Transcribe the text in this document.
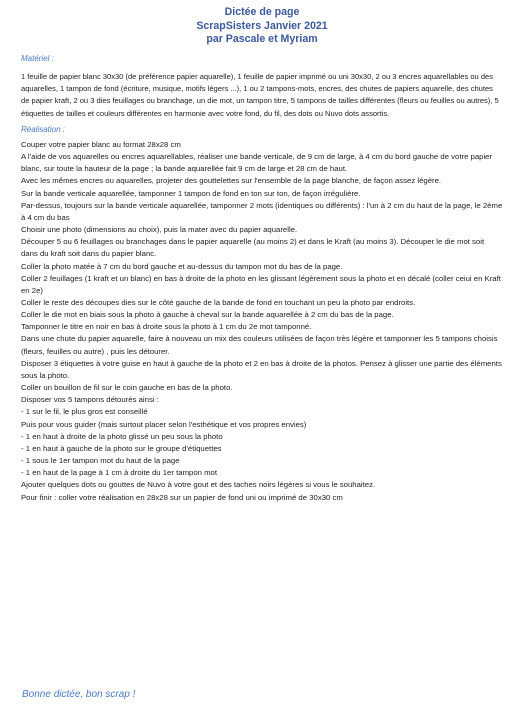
Dictée de page
ScrapSisters Janvier 2021
par Pascale et Myriam
Matériel :
1 feuille de papier blanc 30x30 (de préférence papier aquarelle), 1 feuille de papier imprimé ou uni 30x30, 2 ou 3 encres aquarellables ou des aquarelles, 1 tampon de fond (écriture, musique, motifs légers ...), 1 ou 2 tampons-mots, encres, des chutes de papiers aquarelle, des chutes de papier kraft, 2 ou 3 dies feuillages ou branchage, un die mot, un tampon titre, 5 tampons de tailles différentes (fleurs ou feuilles ou autres), 5 étiquettes de tailles et couleurs différentes en harmonie avec votre fond, du fil, des dots ou Nuvo dots assortis.
Réalisation :
Couper votre papier blanc au format 28x28 cm
A l'aide de vos aquarelles ou encres aquarellables, réaliser une bande verticale, de 9 cm de large, à 4 cm du bord gauche de votre papier blanc, sur toute la hauteur de la page ; la bande aquarellée fait 9 cm de large et 28 cm de haut.
Avec les mêmes encres ou aquarelles, projeter des gouttelettes sur l'ensemble de la page blanche, de façon assez légère.
Sur la bande verticale aquarellée, tamponner 1 tampon de fond en ton sur ton, de façon irrégulière.
Par-dessus, toujours sur la bande verticale aquarellée, tamponner 2 mots (identiques ou différents) : l'un à 2 cm du haut de la page, le 2ème à 4 cm du bas
Choisir une photo (dimensions au choix), puis la mater avec du papier aquarelle.
Découper 5 ou 6 feuillages ou branchages dans le papier aquarelle (au moins 2) et dans le Kraft (au moins 3). Découper le die mot soit dans du kraft soit dans du papier blanc.
Coller la photo matée à 7 cm du bord gauche et au-dessus du tampon mot du bas de la page.
Coller 2 feuillages (1 kraft et un blanc) en bas à droite de la photo en les glissant légèrement sous la photo et en décalé (coller ceiui en Kraft en 2e)
Coller le reste des découpes dies sur le côté gauche de la bande de fond en touchant un peu la photo par endroits.
Coller le die mot en biais sous la photo à gauche à cheval sur la bande aquarellée à 2 cm du bas de la page.
Tamponner le titre en noir en bas à droite sous la photo à 1 cm du 2e mot tamponné.
Dans une chute du papier aquarelle, faire à nouveau un mix des couleurs utilisées de façon très légère et tamponner les 5 tampons choisis (fleurs, feuilles ou autre) , puis les détourer.
Disposer 3 étiquettes à votre guise en haut à gauche de la photo et 2 en bas à droite de la photos. Pensez à glisser une partie des éléments sous la photo.
Coller un bouillon de fil sur le coin gauche en bas de la photo.
Disposer vos 5 tampons détourés ainsi :
- 1 sur le fil, le plus gros est conseillé
Puis pour vous guider (mais surtout placer selon l'esthétique et vos propres envies)
- 1 en haut à droite de la photo glissé un peu sous la photo
- 1 en haut à gauche de la photo sur le groupe d'étiquettes
- 1 sous le 1er tampon mot du haut de la page
- 1 en haut de la page à 1 cm à droite du 1er tampon mot
Ajouter quelques dots ou gouttes de Nuvo à votre gout et des taches noirs légères si vous le souhaitez.
Pour finir : coller votre réalisation en 28x28 sur un papier de fond uni ou imprimé de 30x30 cm
Bonne dictée, bon scrap !
